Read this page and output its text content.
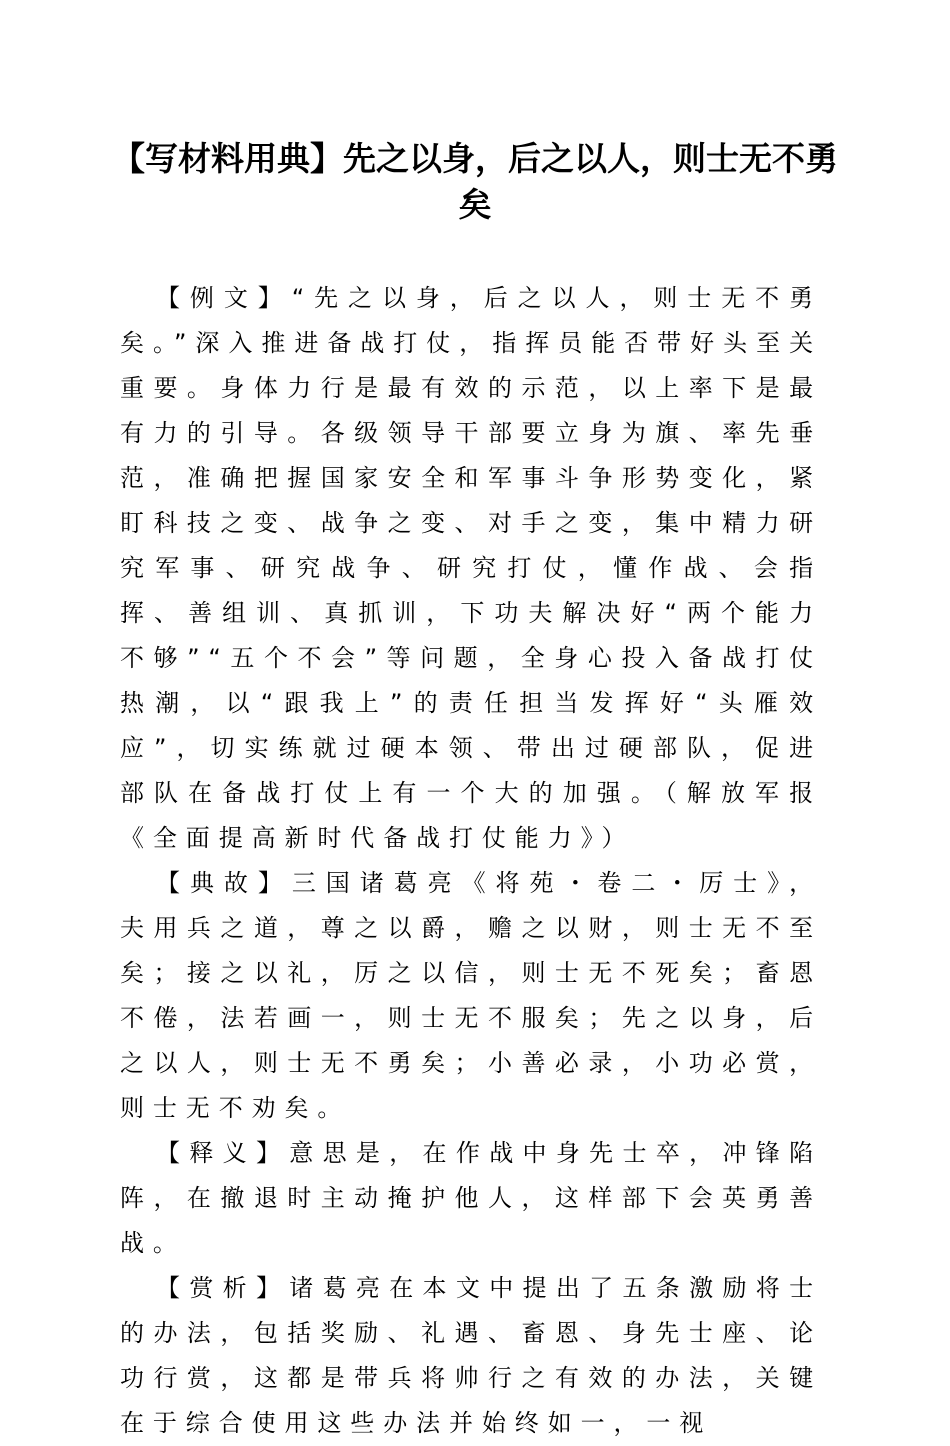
【写材料用典】先之以身，后之以人，则士无不勇矣

【例文】“先之以身，后之以人，则士无不勇矣。”深入推进备战打仗，指挥员能否带好头至关重要。身体力行是最有效的示范，以上率下是最有力的引导。各级领导干部要立身为旗、率先垂范，准确把握国家安全和军事斗争形势变化，紧盯科技之变、战争之变、对手之变，集中精力研究军事、研究战争、研究打仗，懂作战、会指挥、善组训、真抓训，下功夫解决好“两个能力不够”“五个不会”等问题，全身心投入备战打仗热潮，以“跟我上”的责任担当发挥好“头雁效应”，切实练就过硬本领、带出过硬部队，促进部队在备战打仗上有一个大的加强。（解放军报《全面提高新时代备战打仗能力》）

【典故】三国诸葛亮《将苑・卷二・厉士》，夫用兵之道，尊之以爵，赡之以财，则士无不至矣；接之以礼，厉之以信，则士无不死矣；畜恩不倦，法若画一，则士无不服矣；先之以身，后之以人，则士无不勇矣；小善必录，小功必赏，则士无不劝矣。

【释义】意思是，在作战中身先士卒，冲锋陷阵，在撤退时主动掩护他人，这样部下会英勇善战。

【赏析】诸葛亮在本文中提出了五条激励将士的办法，包括奖励、礼遇、畜恩、身先士座、论功行赏，这都是带兵将帅行之有效的办法，关键在于综合使用这些办法并始终如一，一视
